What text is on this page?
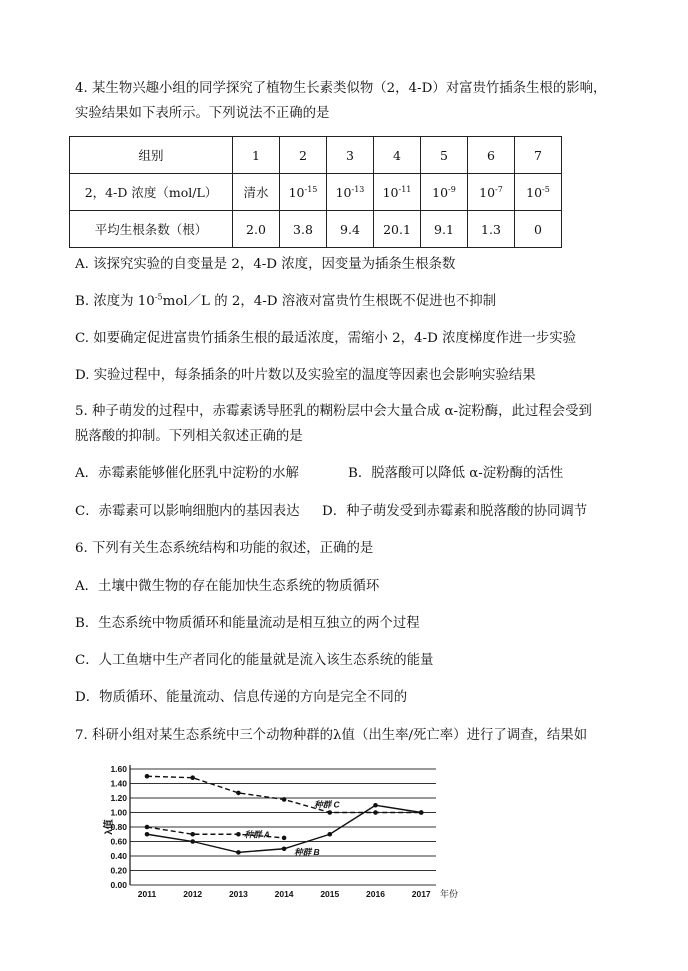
4. 某生物兴趣小组的同学探究了植物生长素类似物（2，4-D）对富贵竹插条生根的影响，
实验结果如下表所示。下列说法不正确的是
组别	1	2	3	4	5	6	7
2，4-D 浓度（mol/L）	清水	$10^{-15}$	$10^{-13}$	$10^{-11}$	$10^{-9}$	$10^{-7}$	$10^{-5}$
平均生根条数（根）	2.0	3.8	9.4	20.1	9.1	1.3	0
A. 该探究实验的自变量是 2，4-D 浓度，因变量为插条生根条数
B. 浓度为 $10^{-5}mol/L$ 的 2，4-D 溶液对富贵竹生根既不促进也不抑制
C. 如要确定促进富贵竹插条生根的最适浓度，需缩小 2，4-D 浓度梯度作进一步实验
D. 实验过程中，每条插条的叶片数以及实验室的温度等因素也会影响实验结果
5. 种子萌发的过程中，赤霉素诱导胚乳的糊粉层中会大量合成 α-淀粉酶，此过程会受到
脱落酸的抑制。下列相关叙述正确的是
A．赤霉素能够催化胚乳中淀粉的水解	B．脱落酸可以降低 α-淀粉酶的活性
C．赤霉素可以影响细胞内的基因表达 D．种子萌发受到赤霉素和脱落酸的协同调节
6. 下列有关生态系统结构和功能的叙述，正确的是
A．土壤中微生物的存在能加快生态系统的物质循环
B．生态系统中物质循环和能量流动是相互独立的两个过程
C．人工鱼塘中生产者同化的能量就是流入该生态系统的能量
D．物质循环、能量流动、信息传递的方向是完全不同的
7. 科研小组对某生态系统中三个动物种群的λ值（出生率/死亡率）进行了调查，结果如
0.00
0.20
0.40
0.60
0.80
1.00
1.20
1.40
1.60
2011	2012	2013	2014	2015	2016	2017 年份
λ值	种群 A
种群 B
种群 C
